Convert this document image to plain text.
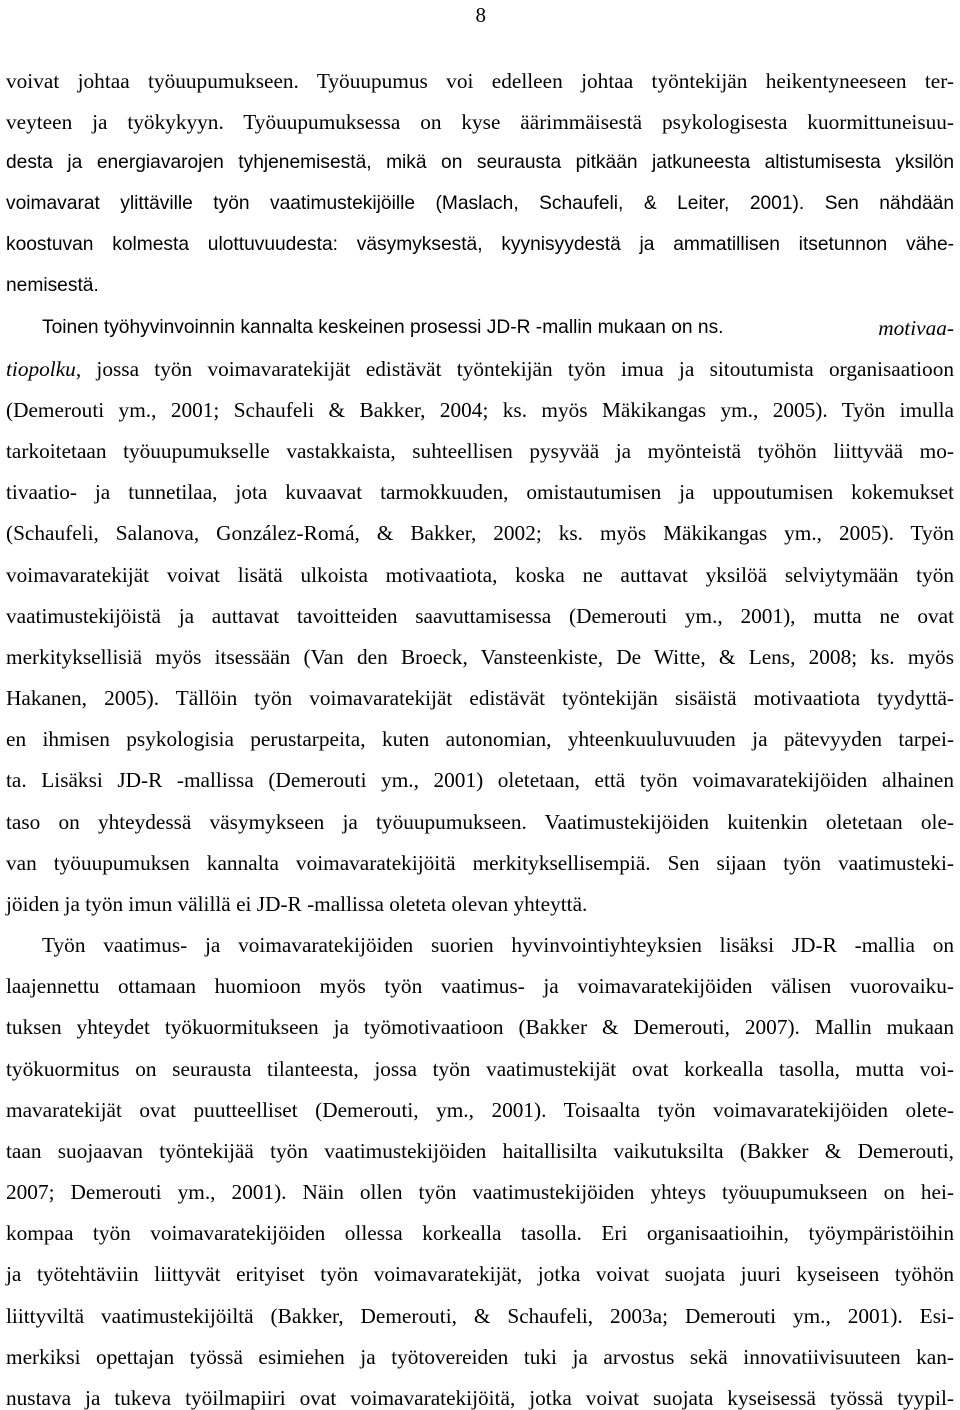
8
voivat johtaa työuupumukseen. Työuupumus voi edelleen johtaa työntekijän heikentyneeseen ter-
veyteen ja työkykyyn. Työuupumuksessa on kyse äärimmäisestä psykologisesta kuormittuneisuu-
desta ja energiavarojen tyhjenemisestä, mikä on seurausta pitkään jatkuneesta altistumisesta yksilön
voimavarat ylittäville työn vaatimustekijöille (Maslach, Schaufeli, & Leiter, 2001). Sen nähdään
koostuvan kolmesta ulottuvuudesta: väsymyksestä, kyynisyydestä ja ammatillisen itsetunnon vähe-
nemisestä.
Toinen työhyvinvoinnin kannalta keskeinen prosessi JD-R -mallin mukaan on ns.	motivaa-
tiopolku, jossa työn voimavaratekijät edistävät työntekijän työn imua ja sitoutumista organisaatioon
(Demerouti ym., 2001; Schaufeli & Bakker, 2004; ks. myös Mäkikangas ym., 2005). Työn imulla
tarkoitetaan työuupumukselle vastakkaista, suhteellisen pysyvää ja myönteistä työhön liittyvää mo-
tivaatio- ja tunnetilaa, jota kuvaavat tarmokkuuden, omistautumisen ja uppoutumisen kokemukset
(Schaufeli, Salanova, González-Romá, & Bakker, 2002; ks. myös Mäkikangas ym., 2005). Työn
voimavaratekijät voivat lisätä ulkoista motivaatiota, koska ne auttavat yksilöä selviytymään työn
vaatimustekijöistä ja auttavat tavoitteiden saavuttamisessa (Demerouti ym., 2001), mutta ne ovat
merkityksellisiä myös itsessään (Van den Broeck, Vansteenkiste, De Witte, & Lens, 2008; ks. myös
Hakanen, 2005). Tällöin työn voimavaratekijät edistävät työntekijän sisäistä motivaatiota tyydyttä-
en ihmisen psykologisia perustarpeita, kuten autonomian, yhteenkuuluvuuden ja pätevyyden tarpei-
ta. Lisäksi JD-R -mallissa (Demerouti ym., 2001) oletetaan, että työn voimavaratekijöiden alhainen
taso on yhteydessä väsymykseen ja työuupumukseen. Vaatimustekijöiden kuitenkin oletetaan ole-
van työuupumuksen kannalta voimavaratekijöitä merkityksellisempiä. Sen sijaan työn vaatimusteki-
jöiden ja työn imun välillä ei JD-R -mallissa oleteta olevan yhteyttä.
Työn vaatimus- ja voimavaratekijöiden suorien hyvinvointiyhteyksien lisäksi JD-R -mallia on
laajennettu ottamaan huomioon myös työn vaatimus- ja voimavaratekijöiden välisen vuorovaiku-
tuksen yhteydet työkuormitukseen ja työmotivaatioon (Bakker & Demerouti, 2007). Mallin mukaan
työkuormitus on seurausta tilanteesta, jossa työn vaatimustekijät ovat korkealla tasolla, mutta voi-
mavaratekijät ovat puutteelliset (Demerouti, ym., 2001). Toisaalta työn voimavaratekijöiden olete-
taan suojaavan työntekijää työn vaatimustekijöiden haitallisilta vaikutuksilta (Bakker & Demerouti,
2007; Demerouti ym., 2001). Näin ollen työn vaatimustekijöiden yhteys työuupumukseen on hei-
kompaa työn voimavaratekijöiden ollessa korkealla tasolla. Eri organisaatioihin, työympäristöihin
ja työtehtäviin liittyvät erityiset työn voimavaratekijät, jotka voivat suojata juuri kyseiseen työhön
liittyviltä vaatimustekijöiltä (Bakker, Demerouti, & Schaufeli, 2003a; Demerouti ym., 2001). Esi-
merkiksi opettajan työssä esimiehen ja työtovereiden tuki ja arvostus sekä innovatiivisuuteen kan-
nustava ja tukeva työilmapiiri ovat voimavaratekijöitä, jotka voivat suojata kyseisessä työssä tyypil-
